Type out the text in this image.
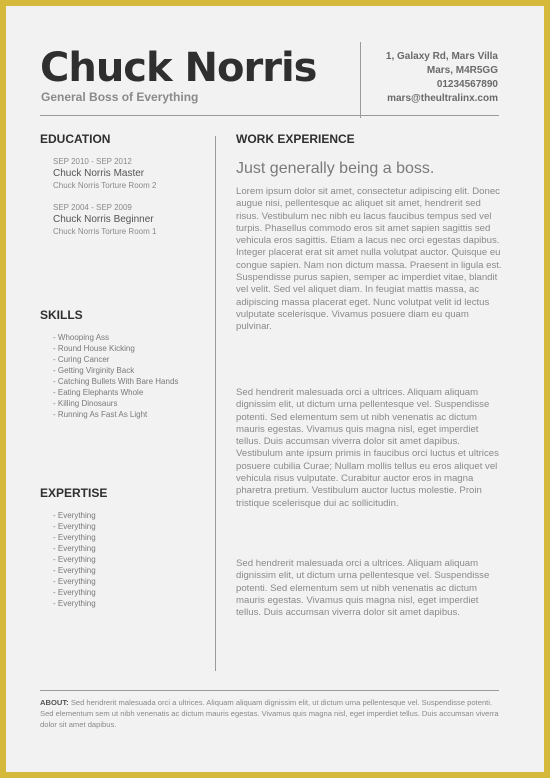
Chuck Norris
General Boss of Everything
1, Galaxy Rd, Mars Villa
Mars, M4R5GG
01234567890
mars@theultralinx.com
EDUCATION
SEP 2010 - SEP 2012
Chuck Norris Master
Chuck Norris Torture Room 2
SEP 2004 - SEP 2009
Chuck Norris Beginner
Chuck Norris Torture Room 1
SKILLS
- Whooping Ass
- Round House Kicking
- Curing Cancer
- Getting Virginity Back
- Catching Bullets With Bare Hands
- Eating Elephants Whole
- Killing Dinosaurs
- Running As Fast As Light
EXPERTISE
- Everything
- Everything
- Everything
- Everything
- Everything
- Everything
- Everything
- Everything
- Everything
WORK EXPERIENCE
Just generally being a boss.

Lorem ipsum dolor sit amet, consectetur adipiscing elit. Donec augue nisi, pellentesque ac aliquet sit amet, hendrerit sed risus. Vestibulum nec nibh eu lacus faucibus tempus sed vel turpis. Phasellus commodo eros sit amet sapien sagittis sed vehicula eros sagittis. Etiam a lacus nec orci egestas dapibus. Integer placerat erat sit amet nulla volutpat auctor. Quisque eu congue sapien. Nam non dictum massa. Praesent in ligula est. Suspendisse purus sapien, semper ac imperdiet vitae, blandit vel velit. Sed vel aliquet diam. In feugiat mattis massa, ac adipiscing massa placerat eget. Nunc volutpat velit id lectus vulputate scelerisque. Vivamus posuere diam eu quam pulvinar.

Sed hendrerit malesuada orci a ultrices. Aliquam aliquam dignissim elit, ut dictum urna pellentesque vel. Suspendisse potenti. Sed elementum sem ut nibh venenatis ac dictum mauris egestas. Vivamus quis magna nisl, eget imperdiet tellus. Duis accumsan viverra dolor sit amet dapibus. Vestibulum ante ipsum primis in faucibus orci luctus et ultrices posuere cubilia Curae; Nullam mollis tellus eu eros aliquet vel vehicula risus vulputate. Curabitur auctor eros in magna pharetra pretium. Vestibulum auctor luctus molestie. Proin tristique scelerisque dui ac sollicitudin.

Sed hendrerit malesuada orci a ultrices. Aliquam aliquam dignissim elit, ut dictum urna pellentesque vel. Suspendisse potenti. Sed elementum sem ut nibh venenatis ac dictum mauris egestas. Vivamus quis magna nisl, eget imperdiet tellus. Duis accumsan viverra dolor sit amet dapibus.

ABOUT: Sed hendrerit malesuada orci a ultrices. Aliquam aliquam dignissim elit, ut dictum urna pellentesque vel. Suspendisse potenti. Sed elementum sem ut nibh venenatis ac dictum mauris egestas. Vivamus quis magna nisl, eget imperdiet tellus. Duis accumsan viverra dolor sit amet dapibus.
